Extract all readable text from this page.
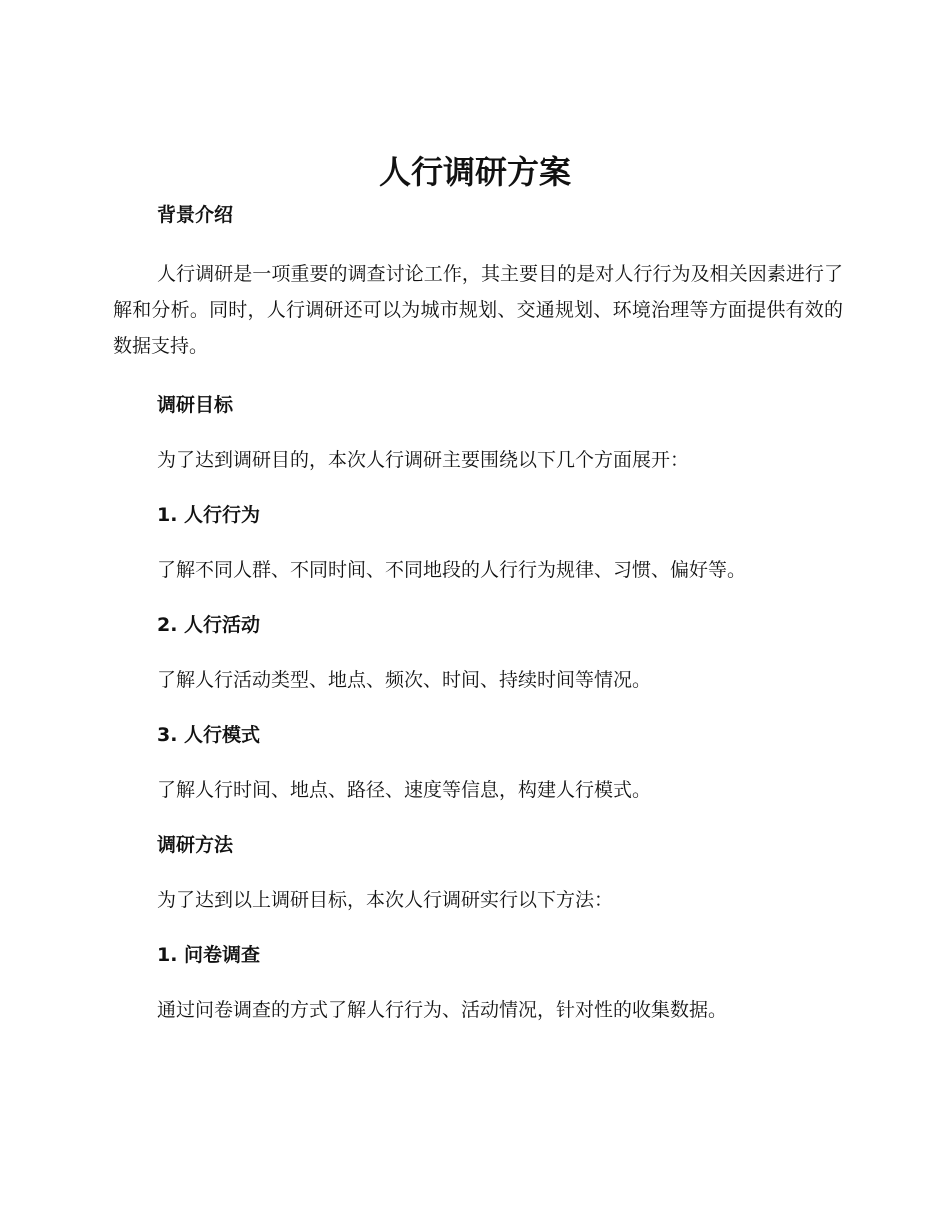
人行调研方案
背景介绍

人行调研是一项重要的调查讨论工作，其主要目的是对人行行为及相关因素进行了解和分析。同时，人行调研还可以为城市规划、交通规划、环境治理等方面提供有效的数据支持。

调研目标

为了达到调研目的，本次人行调研主要围绕以下几个方面展开：

1. 人行行为

了解不同人群、不同时间、不同地段的人行行为规律、习惯、偏好等。

2. 人行活动

了解人行活动类型、地点、频次、时间、持续时间等情况。

3. 人行模式

了解人行时间、地点、路径、速度等信息，构建人行模式。

调研方法

为了达到以上调研目标，本次人行调研实行以下方法：

1. 问卷调查

通过问卷调查的方式了解人行行为、活动情况，针对性的收集数据。
